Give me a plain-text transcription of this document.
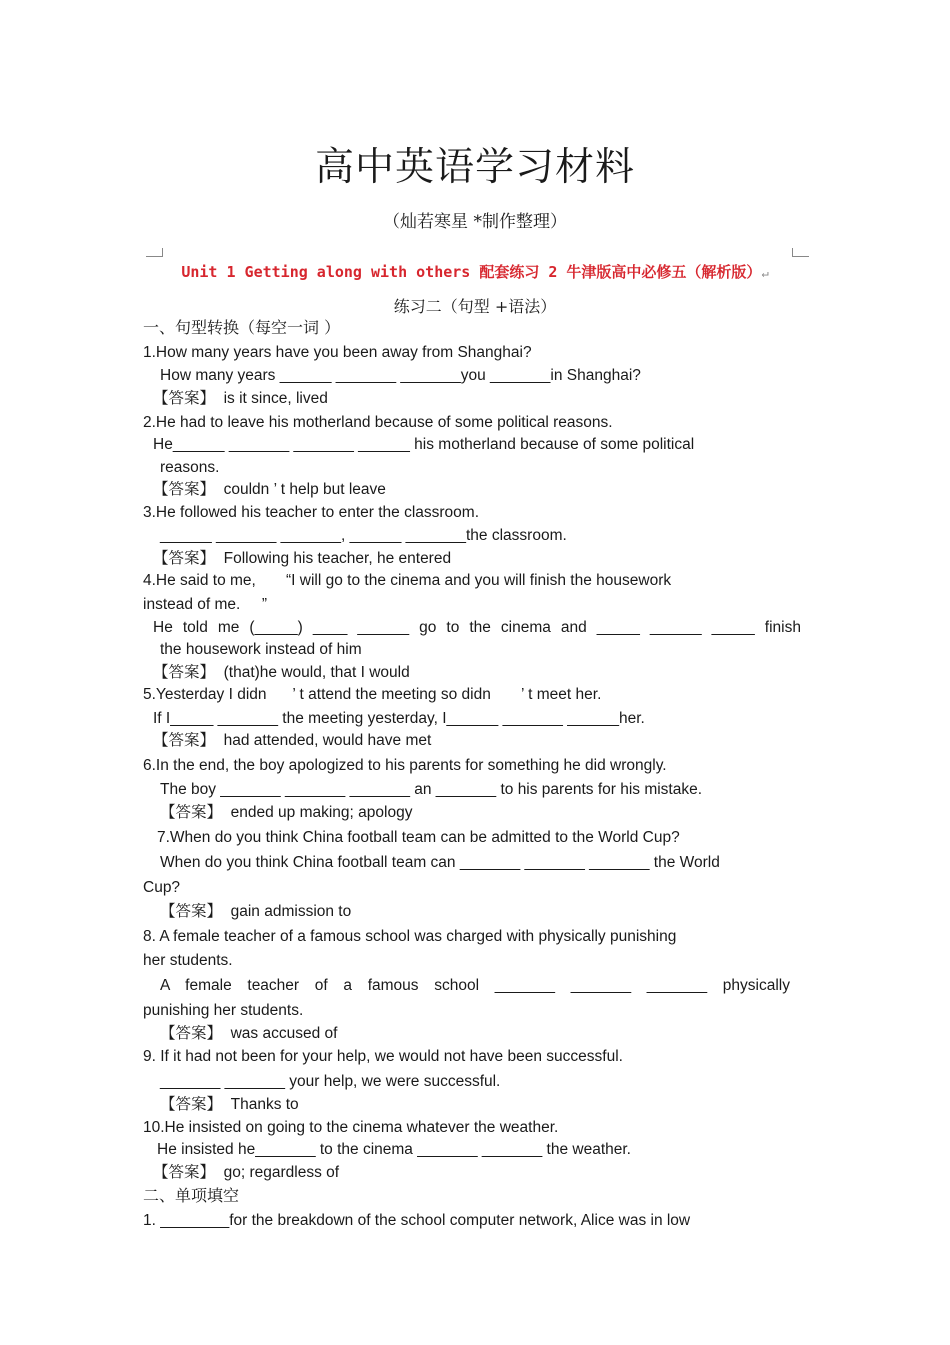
高中英语学习材料
（灿若寒星 *制作整理）
Unit 1 Getting along with others 配套练习 2 牛津版高中必修五（解析版）↵
练习二（句型 +语法）
一、句型转换（每空一词 ）
1.How many years have you been away from Shanghai?
How many years ______ _______ _______you _______in Shanghai?
【答案】  is it since, lived
2.He had to leave his motherland because of some political reasons.
He______ _______ _______ ______ his motherland because of some political
reasons.
【答案】  couldn ’ t help but leave
3.He followed his teacher to enter the classroom.
______ _______ _______, ______ _______the classroom.
【答案】  Following his teacher, he entered
4.He said to me,       “I will go to the cinema and you will finish the housework
instead of me.     ”
He told me (_____) ____ ______ go to the cinema and _____ ______ _____ finish
the housework instead of him
【答案】  (that)he would, that I would
5.Yesterday I didn      ’ t attend the meeting so didn       ’ t meet her.
If I_____ _______ the meeting yesterday, I______ _______ ______her.
【答案】  had attended, would have met
6.In the end, the boy apologized to his parents for something he did wrongly.
The boy _______ _______ _______ an _______ to his parents for his mistake.
【答案】  ended up making; apology
7.When do you think China football team can be admitted to the World Cup?
When do you think China football team can _______ _______ _______ the World
Cup?
【答案】  gain admission to
8. A female teacher of a famous school was charged with physically punishing
her students.
A female teacher of a famous school _______ _______ _______ physically
punishing her students.
【答案】  was accused of
9. If it had not been for your help, we would not have been successful.
_______ _______ your help, we were successful.
【答案】  Thanks to
10.He insisted on going to the cinema whatever the weather.
He insisted he_______ to the cinema _______ _______ the weather.
【答案】  go; regardless of
二、单项填空
1. ________for the breakdown of the school computer network, Alice was in low
